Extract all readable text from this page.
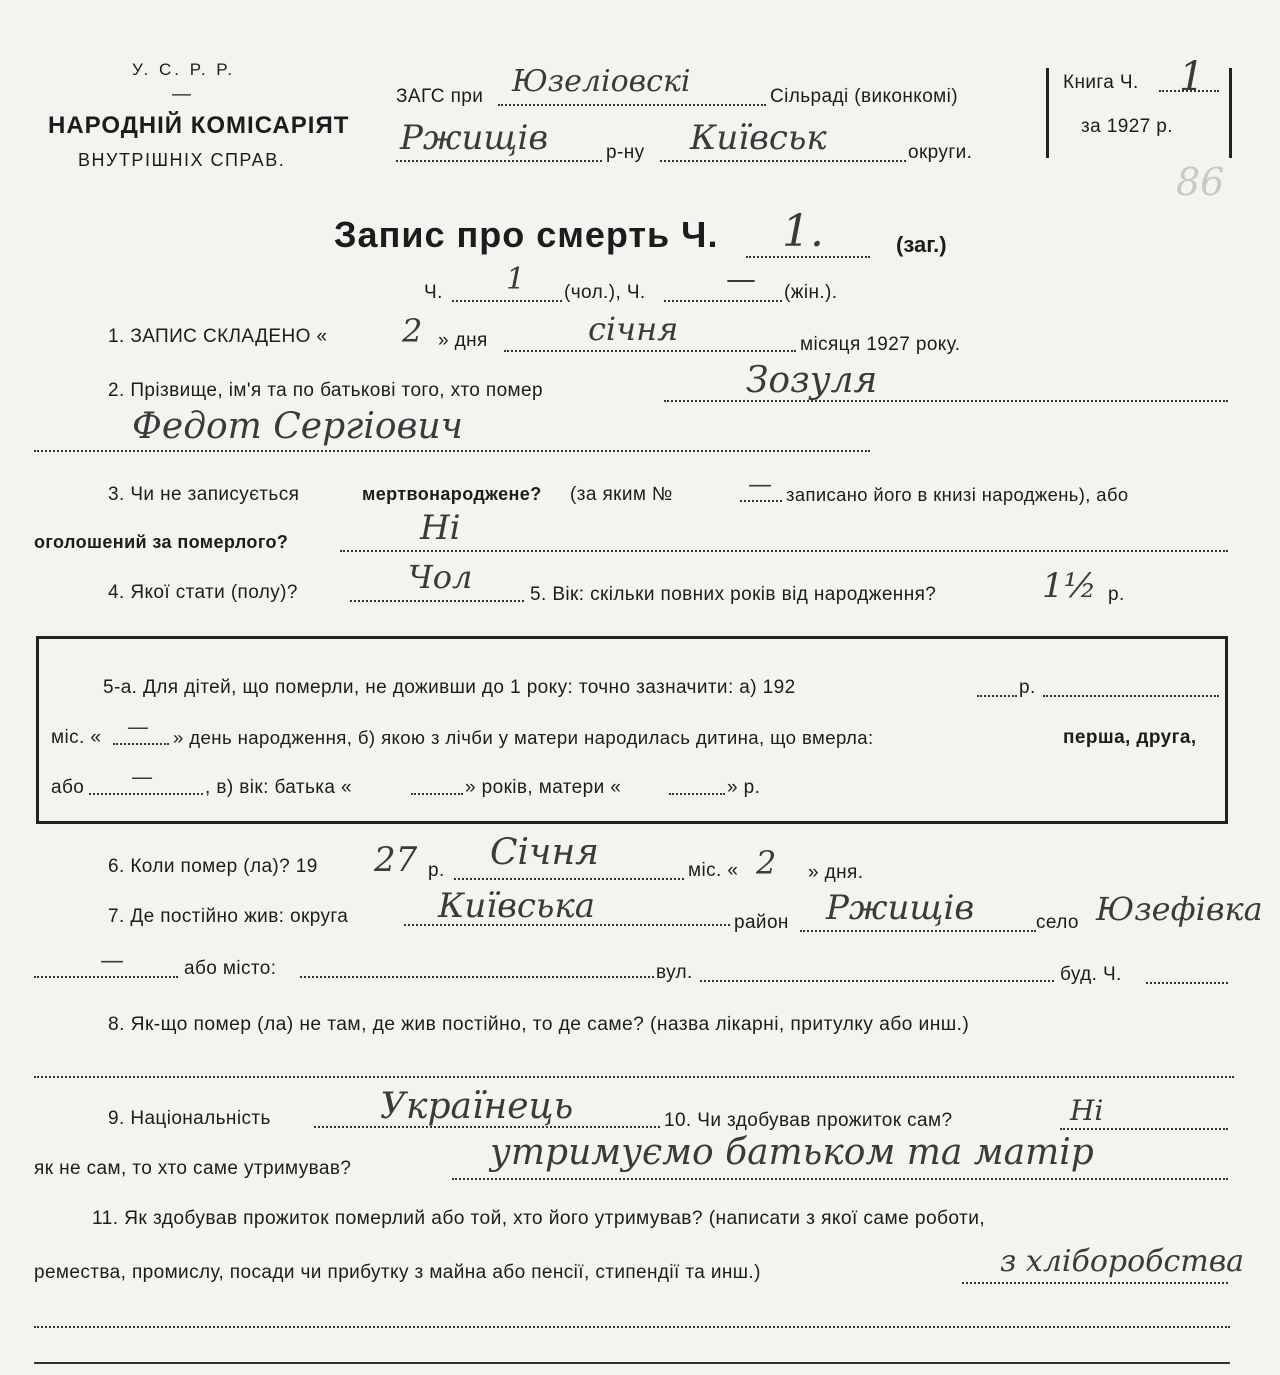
У. С. Р. Р.
—
НАРОДНІЙ КОМІСАРІЯТ
ВНУТРІШНІХ СПРАВ.
ЗАГС при Юзеліовскі	Сільраді (виконкомі)
Ржищів	р-ну Київськ	округи.
Книга Ч. 1
за 1927 р.
86
Запис про смерть Ч. 1.	(заг.)
Ч. 1 (чол.), Ч.	— (жін.).
1. ЗАПИС СКЛАДЕНО « 2 » дня	січня	місяця 1927 року.
2. Прізвище, ім'я та по батькові того, хто помер	Зозуля
Федот Сергіович
3. Чи не записується	мертвонароджене? (за яким №	— записано його в книзі народжень), або
оголошений за померлого?	Ні
4. Якої стати (полу)?	Чол	5. Вік: скільки повних років від народження?	1½ р.
5-а. Для дітей, що померли, не доживши до 1 року: точно зазначити: а) 192	р.
міс. « — » день народження, б) якою з лічби у матери народилась дитина, що вмерла:	перша, друга,
або —	, в) вік: батька «	» років, матери «	» р.
6. Коли помер (ла)? 19 27 р. Січня	міс. « 2 » дня.
7. Де постійно жив: округа	Київська	район Ржищів	село Юзефівка
—	або місто:	вул.	буд. Ч.
8. Як-що помер (ла) не там, де жив постійно, то де саме? (назва лікарні, притулку або инш.)
9. Національність	Українець	10. Чи здобував прожиток сам?	Ні
як не сам, то хто саме утримував?	утримуємо батьком та матір
11. Як здобував прожиток померлий або той, хто його утримував? (написати з якої саме роботи,
ремества, промислу, посади чи прибутку з майна або пенсії, стипендії та инш.)	з хліборобства
